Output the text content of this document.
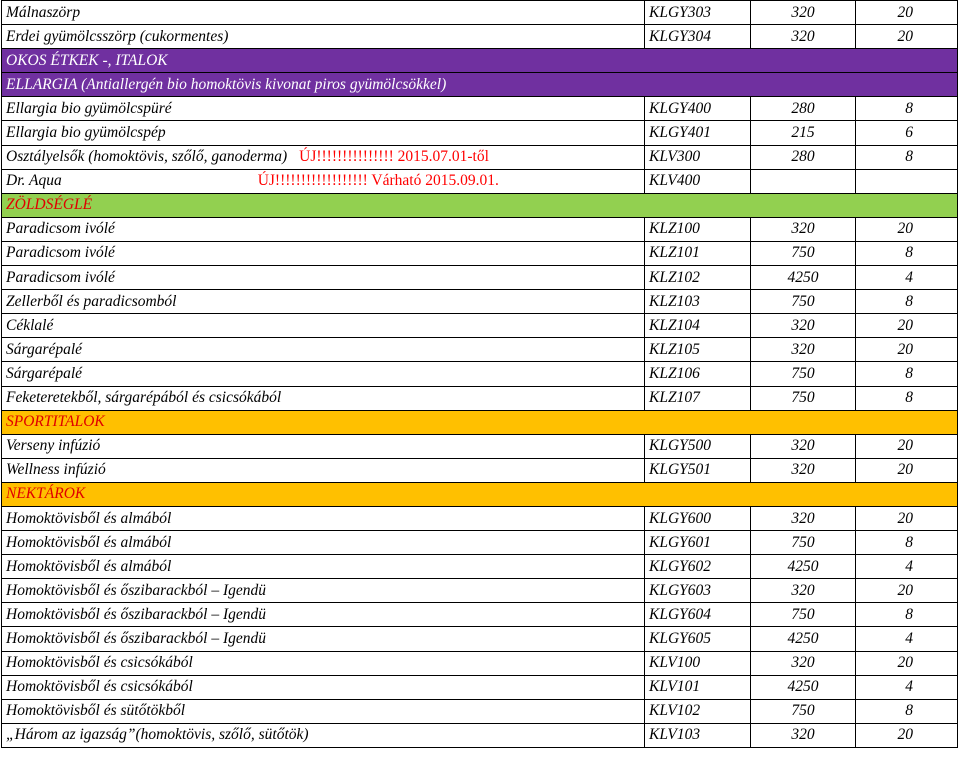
Málnaszörp	KLGY303	320	20
Erdei gyümölcsszörp (cukormentes)	KLGY304	320	20
OKOS ÉTKEK -, ITALOK			
ELLARGIA (Antiallergén bio homoktövis kivonat piros gyümölcsökkel)			
Ellargia bio gyümölcspüré	KLGY400	280	8
Ellargia bio gyümölcspép	KLGY401	215	6
Osztályelsők (homoktövis, szőlő, ganoderma) ÚJ!!!!!!!!!!!!!!! 2015.07.01-től	KLV300	280	8
Dr. Aqua ÚJ!!!!!!!!!!!!!!!!!! Várható 2015.09.01.	KLV400		
ZÖLDSÉGLÉ			
Paradicsom ivólé	KLZ100	320	20
Paradicsom ivólé	KLZ101	750	8
Paradicsom ivólé	KLZ102	4250	4
Zellerből és paradicsomból	KLZ103	750	8
Céklalé	KLZ104	320	20
Sárgarépalé	KLZ105	320	20
Sárgarépalé	KLZ106	750	8
Feketeretekből, sárgarépából és csicsókából	KLZ107	750	8
SPORTITALOK			
Verseny infúzió	KLGY500	320	20
Wellness infúzió	KLGY501	320	20
NEKTÁROK			
Homoktövisből és almából	KLGY600	320	20
Homoktövisből és almából	KLGY601	750	8
Homoktövisből és almából	KLGY602	4250	4
Homoktövisből és őszibarackból – Igendü	KLGY603	320	20
Homoktövisből és őszibarackból – Igendü	KLGY604	750	8
Homoktövisből és őszibarackból – Igendü	KLGY605	4250	4
Homoktövisből és csicsókából	KLV100	320	20
Homoktövisből és csicsókából	KLV101	4250	4
Homoktövisből és sütőtökből	KLV102	750	8
„Három az igazság”(homoktövis, szőlő, sütőtök)	KLV103	320	20
